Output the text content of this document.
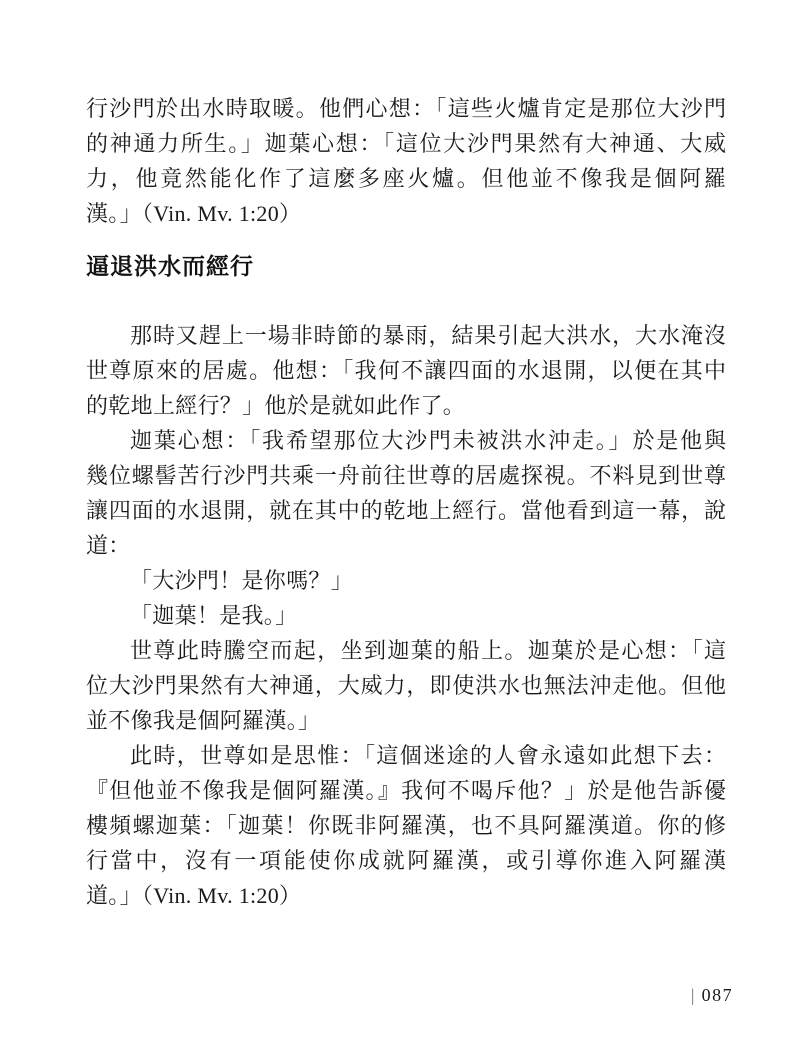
行沙門於出水時取暖。他們心想：「這些火爐肯定是那位大沙門
的神通力所生。」迦葉心想：「這位大沙門果然有大神通、大威
力，他竟然能化作了這麼多座火爐。但他並不像我是個阿羅
漢。」（Vin. Mv. 1:20）
逼退洪水而經行
那時又趕上一場非時節的暴雨，結果引起大洪水，大水淹沒
世尊原來的居處。他想：「我何不讓四面的水退開，以便在其中
的乾地上經行？」他於是就如此作了。
迦葉心想：「我希望那位大沙門未被洪水沖走。」於是他與
幾位螺髻苦行沙門共乘一舟前往世尊的居處探視。不料見到世尊
讓四面的水退開，就在其中的乾地上經行。當他看到這一幕，說
道：
「大沙門！是你嗎？」
「迦葉！是我。」
世尊此時騰空而起，坐到迦葉的船上。迦葉於是心想：「這
位大沙門果然有大神通，大威力，即使洪水也無法沖走他。但他
並不像我是個阿羅漢。」
此時，世尊如是思惟：「這個迷途的人會永遠如此想下去：
『但他並不像我是個阿羅漢。』我何不喝斥他？」於是他告訴優
樓頻螺迦葉：「迦葉！你既非阿羅漢，也不具阿羅漢道。你的修
行當中，沒有一項能使你成就阿羅漢，或引導你進入阿羅漢
道。」（Vin. Mv. 1:20）
| 087
